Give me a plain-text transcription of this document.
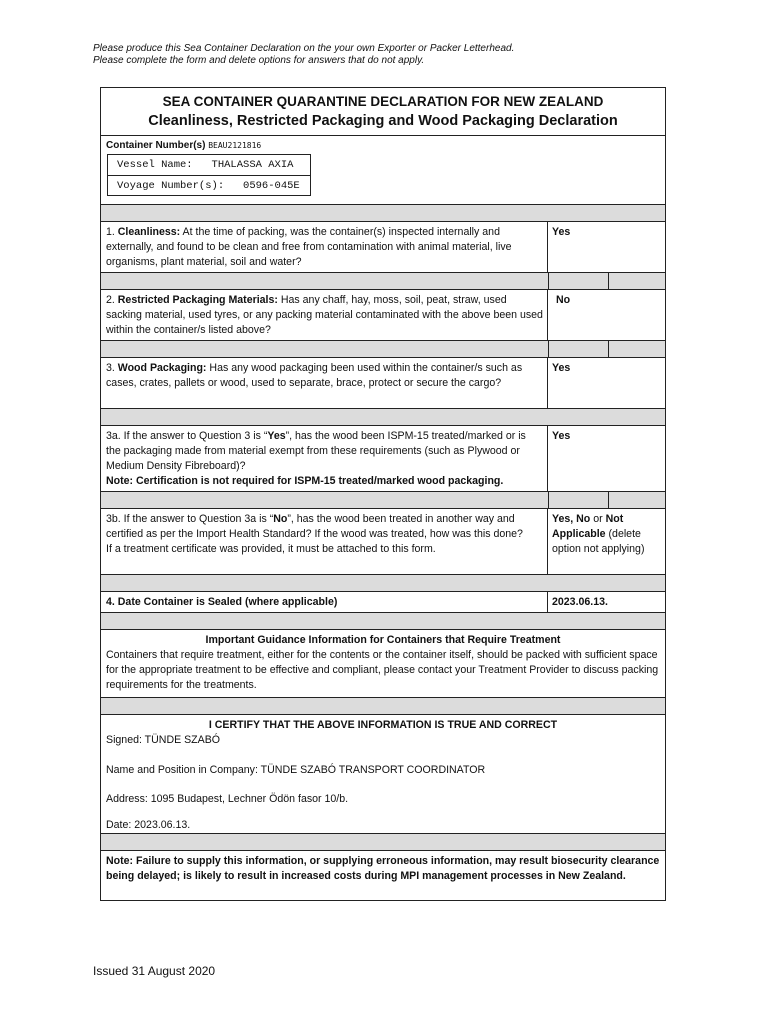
Please produce this Sea Container Declaration on the your own Exporter or Packer Letterhead.
Please complete the form and delete options for answers that do not apply.
SEA CONTAINER QUARANTINE DECLARATION FOR NEW ZEALAND
Cleanliness, Restricted Packaging and Wood Packaging Declaration
Container Number(s) BEAU2121816
Vessel Name:   THALASSA AXIA
Voyage Number(s):   0596-045E
1. Cleanliness: At the time of packing, was the container(s) inspected internally and externally, and found to be clean and free from contamination with animal material, live organisms, plant material, soil and water?
Yes
2. Restricted Packaging Materials: Has any chaff, hay, moss, soil, peat, straw, used sacking material, used tyres, or any packing material contaminated with the above been used within the container/s listed above?
No
3. Wood Packaging: Has any wood packaging been used within the container/s such as cases, crates, pallets or wood, used to separate, brace, protect or secure the cargo?
Yes
3a. If the answer to Question 3 is “Yes”, has the wood been ISPM-15 treated/marked or is the packaging made from material exempt from these requirements (such as Plywood or Medium Density Fibreboard)?
Note: Certification is not required for ISPM-15 treated/marked wood packaging.
Yes
3b. If the answer to Question 3a is “No”, has the wood been treated in another way and certified as per the Import Health Standard? If the wood was treated, how was this done?
If a treatment certificate was provided, it must be attached to this form.
Yes, No or Not Applicable (delete option not applying)
4. Date Container is Sealed (where applicable)	2023.06.13.
Important Guidance Information for Containers that Require Treatment
Containers that require treatment, either for the contents or the container itself, should be packed with sufficient space for the appropriate treatment to be effective and compliant, please contact your Treatment Provider to discuss packing requirements for the treatments.
I CERTIFY THAT THE ABOVE INFORMATION IS TRUE AND CORRECT
Signed: TÜNDE SZABÓ
Name and Position in Company: TÜNDE SZABÓ TRANSPORT COORDINATOR
Address: 1095 Budapest, Lechner Ödön fasor 10/b.
Date: 2023.06.13.
Note: Failure to supply this information, or supplying erroneous information, may result biosecurity clearance being delayed; is likely to result in increased costs during MPI management processes in New Zealand.
Issued 31 August 2020
